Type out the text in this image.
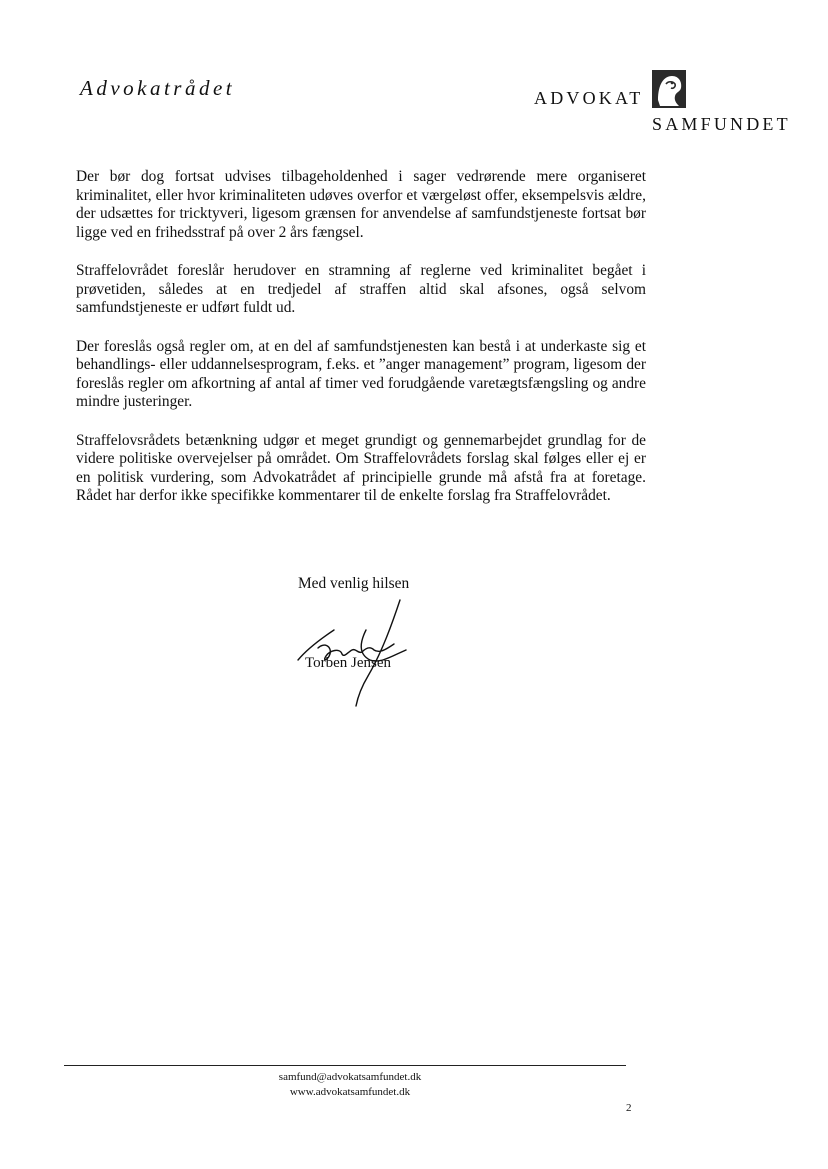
Advokatrådet	ADVOKAT
SAMFUNDET

Der bør dog fortsat udvises tilbageholdenhed i sager vedrørende mere organiseret kriminalitet, eller hvor kriminaliteten udøves overfor et værgeløst offer, eksempelsvis ældre, der udsættes for tricktyveri, ligesom grænsen for anvendelse af samfundstjeneste fortsat bør ligge ved en frihedsstraf på over 2 års fængsel.

Straffelovrådet foreslår herudover en stramning af reglerne ved kriminalitet begået i prøvetiden, således at en tredjedel af straffen altid skal afsones, også selvom samfundstjeneste er udført fuldt ud.

Der foreslås også regler om, at en del af samfundstjenesten kan bestå i at underkaste sig et behandlings- eller uddannelsesprogram, f.eks. et ”anger management” program, ligesom der foreslås regler om afkortning af antal af timer ved forudgående varetægtsfængsling og andre mindre justeringer.

Straffelovsrådets betænkning udgør et meget grundigt og gennemarbejdet grundlag for de videre politiske overvejelser på området. Om Straffelovrådets forslag skal følges eller ej er en politisk vurdering, som Advokatrådet af principielle grunde må afstå fra at foretage. Rådet har derfor ikke specifikke kommentarer til de enkelte forslag fra Straffelovrådet.

Med venlig hilsen
Torben Jensen
samfund@advokatsamfundet.dk
www.advokatsamfundet.dk
2
